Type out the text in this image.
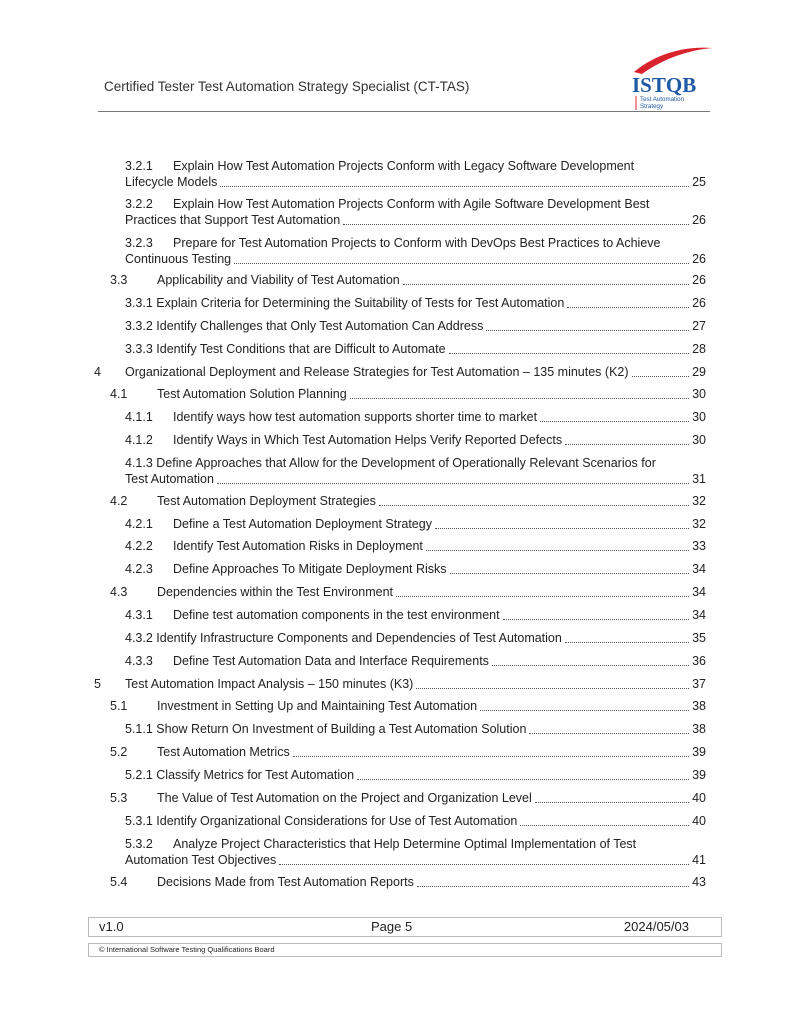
Certified Tester Test Automation Strategy Specialist (CT-TAS)	ISTQB
Test Automation
Strategy
3.2.1	Explain How Test Automation Projects Conform with Legacy Software Development
Lifecycle Models	25
3.2.2	Explain How Test Automation Projects Conform with Agile Software Development Best
Practices that Support Test Automation	26
3.2.3	Prepare for Test Automation Projects to Conform with DevOps Best Practices to Achieve
Continuous Testing	26
3.3	Applicability and Viability of Test Automation	26
3.3.1 Explain Criteria for Determining the Suitability of Tests for Test Automation	26
3.3.2 Identify Challenges that Only Test Automation Can Address	27
3.3.3 Identify Test Conditions that are Difficult to Automate	28
4	Organizational Deployment and Release Strategies for Test Automation – 135 minutes (K2)	29
4.1	Test Automation Solution Planning	30
4.1.1	Identify ways how test automation supports shorter time to market	30
4.1.2	Identify Ways in Which Test Automation Helps Verify Reported Defects	30
4.1.3 Define Approaches that Allow for the Development of Operationally Relevant Scenarios for
Test Automation	31
4.2	Test Automation Deployment Strategies	32
4.2.1	Define a Test Automation Deployment Strategy	32
4.2.2	Identify Test Automation Risks in Deployment	33
4.2.3	Define Approaches To Mitigate Deployment Risks	34
4.3	Dependencies within the Test Environment	34
4.3.1	Define test automation components in the test environment	34
4.3.2 Identify Infrastructure Components and Dependencies of Test Automation	35
4.3.3	Define Test Automation Data and Interface Requirements	36
5	Test Automation Impact Analysis – 150 minutes (K3)	37
5.1	Investment in Setting Up and Maintaining Test Automation	38
5.1.1 Show Return On Investment of Building a Test Automation Solution	38
5.2	Test Automation Metrics	39
5.2.1 Classify Metrics for Test Automation	39
5.3	The Value of Test Automation on the Project and Organization Level	40
5.3.1 Identify Organizational Considerations for Use of Test Automation	40
5.3.2	Analyze Project Characteristics that Help Determine Optimal Implementation of Test
Automation Test Objectives	41
5.4	Decisions Made from Test Automation Reports	43
v1.0	Page 5	2024/05/03
© International Software Testing Qualifications Board
